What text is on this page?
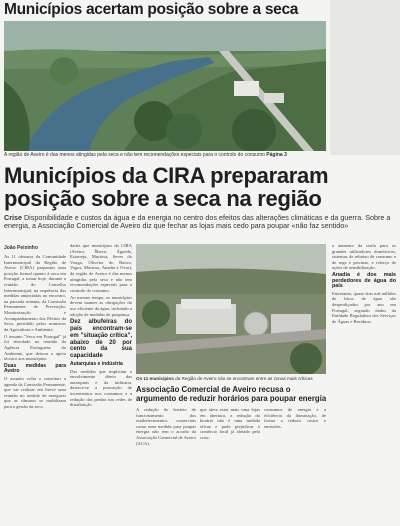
Municípios acertam posição sobre a seca
A região de Aveiro é das menos atingidas pela seca e não tem recomendações especiais para o controlo do consumo Página 3
Municípios da CIRA prepararam
posição sobre a seca na região
Crise Disponibilidade e custos da água e da energia no centro dos efeitos das alterações climáticas e da guerra. Sobre a energia, a Associação Comercial de Aveiro diz que fechar as lojas mais cedo para poupar «não faz sentido»
João Peixinho

As 11 câmaras da Comunidade Intermunicipal da Região de Aveiro (CIRA) preparam uma posição formal quanto à seca em Portugal, a tomar hoje, durante a reunião do Conselho Intermunicipal, na sequência das medidas anunciadas no encontro, na passada semana, da Comissão Permanente de Prevenção, Monitorização e Acompanhamento dos Efeitos da Seca, presidido pelos ministros da Agricultura e Ambiente.

O assunto "Seca em Portugal" já foi abordado na reunião da Agência Portuguesa do Ambiente, que deixou o apoio técnico aos municípios.

Duas medidas para Aveiro

O assunto volta a constituir a agenda da Comissão Permanente, que vai realizar em breve uma reunião no sentido de assegurar que as câmaras se mobilizam para a gestão da seca.

dades que municípios da CIRA (Aveiro, Ílhavo, Águeda, Estarreja, Murtosa, Sever do Vouga, Oliveira do Bairro, Vagos, Murtosa, Anadia e Ovar), da região de Aveiro é das menos atingidas pela seca e não tem recomendações especiais para o controlo do consumo.

Ao mesmo tempo, os municípios devem manter as obrigações do uso eficiente da água, incluindo a adoção de medidas de poupança.

Dez albufeiras do país encontram-se em "situação crítica", abaixo de 20 por cento da sua capacidade
Autarquias e indústria

Das medidas que implicam o envolvimento direto das autarquias e da indústria, destaca-se a promoção de incrementos nos consumos e a redução das perdas nas redes de distribuição.

Os 11 municípios da Região de Aveiro não se encontram entre as zonas mais críticas
Associação Comercial de Aveiro recusa o argumento de reduzir horários para poupar energia

A redução do horário de funcionamento dos estabelecimentos comerciais como uma medida para poupar energia não tem o acordo da Associação Comercial de Aveiro (ACA).

que afeta estar mais uma lojas em abertura, a redução do horário não é uma medida eficaz e pode prejudicar o comércio local já afetado pela crise.

consumos de energia e a eficiência da iluminação, de forma a reduzir custos e emissões.

a aumento da tarifa para os grandes utilizadores domésticos, sistemas de rebaixo de consumo e de rega e piscinas, e reforço de ações de sensibilização.

Anadia é dos mais perdedores de água do país

Entretanto, quase dois mil milhões de litros de água são desperdiçados por ano em Portugal, segundo dados da Entidade Reguladora dos Serviços de Águas e Resíduos.
